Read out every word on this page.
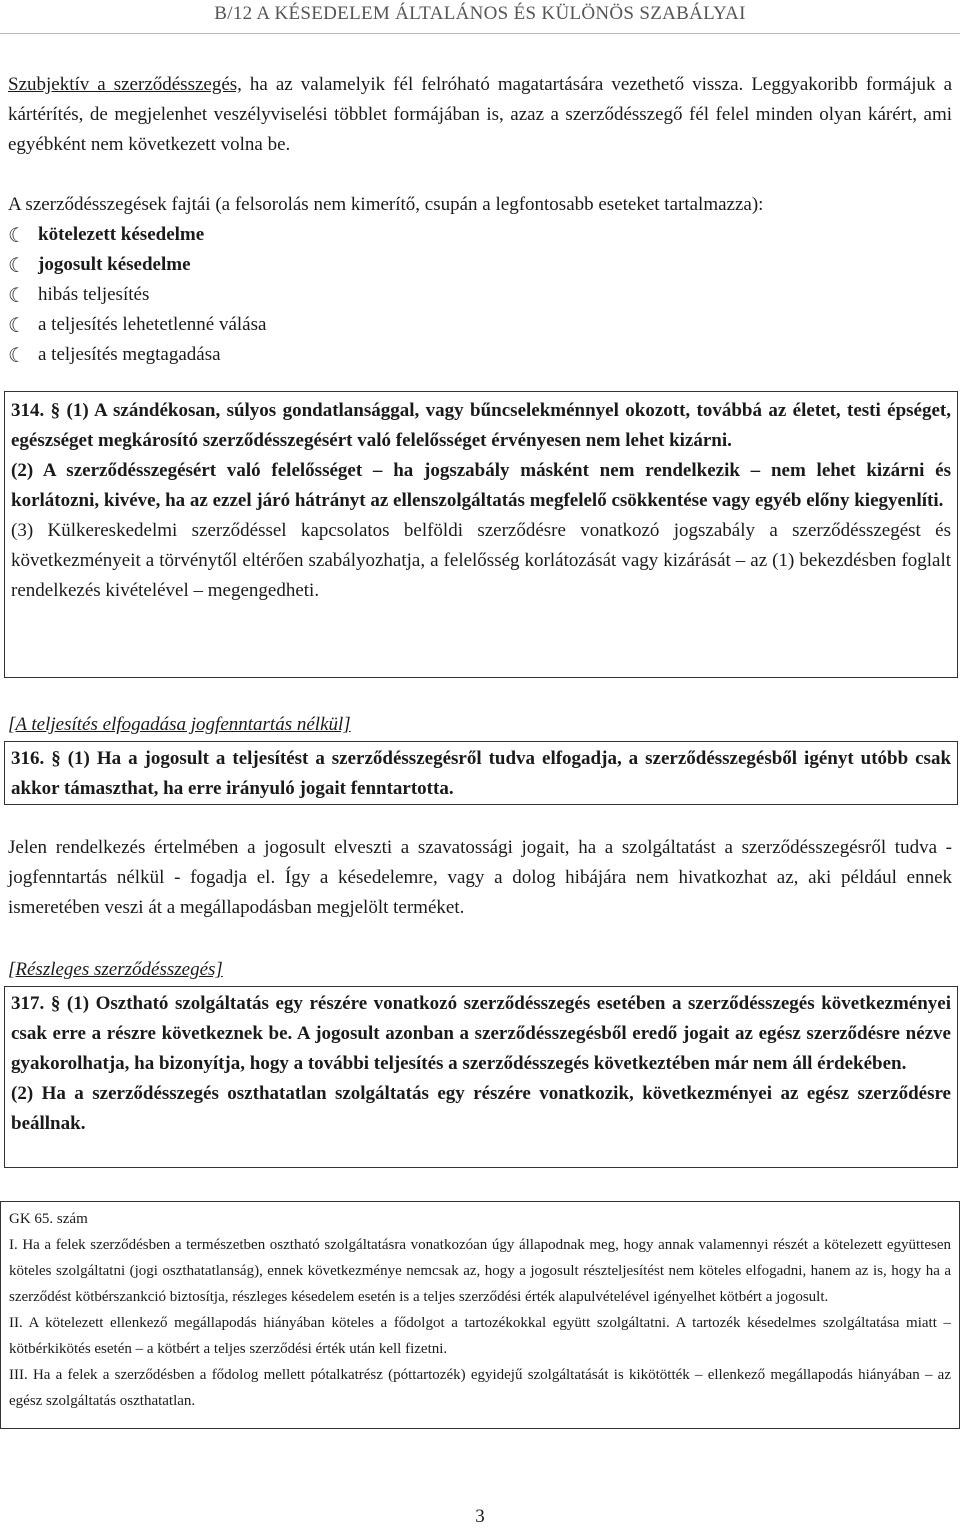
B/12 A KÉSEDELEM ÁLTALÁNOS ÉS KÜLÖNÖS SZABÁLYAI

Szubjektív a szerződésszegés, ha az valamelyik fél felróható magatartására vezethető vissza. Leggyakoribb formájuk a kártérítés, de megjelenhet veszélyviselési többlet formájában is, azaz a szerződésszegő fél felel minden olyan kárért, ami egyébként nem következett volna be.

A szerződésszegések fajtái (a felsorolás nem kimerítő, csupán a legfontosabb eseteket tartalmazza):

☾ kötelezett késedelme
☾ jogosult késedelme
☾ hibás teljesítés
☾ a teljesítés lehetetlenné válása
☾ a teljesítés megtagadása

314. § (1) A szándékosan, súlyos gondatlansággal, vagy bűncselekménnyel okozott, továbbá az életet, testi épséget, egészséget megkárosító szerződésszegésért való felelősséget érvényesen nem lehet kizárni.

(2) A szerződésszegésért való felelősséget – ha jogszabály másként nem rendelkezik – nem lehet kizárni és korlátozni, kivéve, ha az ezzel járó hátrányt az ellenszolgáltatás megfelelő csökkentése vagy egyéb előny kiegyenlíti.

(3) Külkereskedelmi szerződéssel kapcsolatos belföldi szerződésre vonatkozó jogszabály a szerződésszegést és következményeit a törvénytől eltérően szabályozhatja, a felelősség korlátozását vagy kizárását – az (1) bekezdésben foglalt rendelkezés kivételével – megengedheti.

[A teljesítés elfogadása jogfenntartás nélkül]

316. § (1) Ha a jogosult a teljesítést a szerződésszegésről tudva elfogadja, a szerződésszegésből igényt utóbb csak akkor támaszthat, ha erre irányuló jogait fenntartotta.

Jelen rendelkezés értelmében a jogosult elveszti a szavatossági jogait, ha a szolgáltatást a szerződésszegésről tudva - jogfenntartás nélkül - fogadja el. Így a késedelemre, vagy a dolog hibájára nem hivatkozhat az, aki például ennek ismeretében veszi át a megállapodásban megjelölt terméket.

[Részleges szerződésszegés]

317. § (1) Osztható szolgáltatás egy részére vonatkozó szerződésszegés esetében a szerződésszegés következményei csak erre a részre következnek be. A jogosult azonban a szerződésszegésből eredő jogait az egész szerződésre nézve gyakorolhatja, ha bizonyítja, hogy a további teljesítés a szerződésszegés következtében már nem áll érdekében.

(2) Ha a szerződésszegés oszthatatlan szolgáltatás egy részére vonatkozik, következményei az egész szerződésre beállnak.

GK 65. szám

I. Ha a felek szerződésben a természetben osztható szolgáltatásra vonatkozóan úgy állapodnak meg, hogy annak valamennyi részét a kötelezett együttesen köteles szolgáltatni (jogi oszthatatlanság), ennek következménye nemcsak az, hogy a jogosult részteljesítést nem köteles elfogadni, hanem az is, hogy ha a szerződést kötbérszankció biztosítja, részleges késedelem esetén is a teljes szerződési érték alapulvételével igényelhet kötbért a jogosult.

II. A kötelezett ellenkező megállapodás hiányában köteles a fődolgot a tartozékokkal együtt szolgáltatni. A tartozék késedelmes szolgáltatása miatt – kötbérkikötés esetén – a kötbért a teljes szerződési érték után kell fizetni.

III. Ha a felek a szerződésben a fődolog mellett pótalkatrész (póttartozék) egyidejű szolgáltatását is kikötötték – ellenkező megállapodás hiányában – az egész szolgáltatás oszthatatlan.

3
